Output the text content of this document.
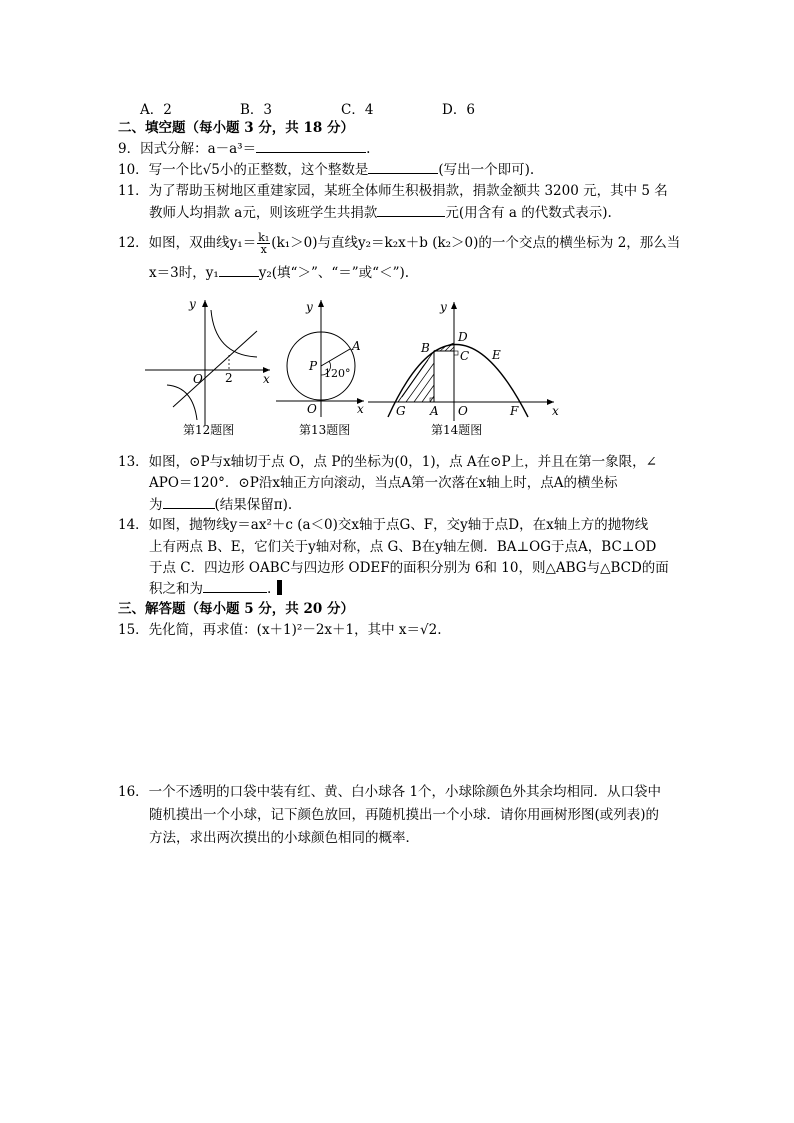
A．2	B．3	C．4	D．6
二、填空题（每小题 3 分，共 18 分）
9．因式分解：a－a³＝	.
10．写一个比√5小的正整数，这个整数是	(写出一个即可).
11．为了帮助玉树地区重建家园，某班全体师生积极捐款，捐款金额共 3200 元，其中 5 名
教师人均捐款 a元，则该班学生共捐款	元(用含有 a 的代数式表示).
12．如图，双曲线$y_1= \frac{\text{k₁}}{x} (k_1>0)$与直线y₂＝k₂x＋b (k₂＞0)的一个交点的横坐标为 2，那么当
x＝3时，y₁	y₂(填“＞”、“＝”或“＜”).
y
x
O 2
第12题图
y
x
O
P
A
120°
第13题图
y
x
O
D
B
C E
G A	F
第14题图
13．如图，⊙P与x轴切于点 O，点 P的坐标为(0，1)，点 A在⊙P上，并且在第一象限，∠
APO＝120°．⊙P沿x轴正方向滚动，当点A第一次落在x轴上时，点A的横坐标
为	(结果保留π).
14．如图，抛物线y＝ax²＋c (a＜0)交x轴于点G、F，交y轴于点D，在x轴上方的抛物线
上有两点 B、E，它们关于y轴对称，点 G、B在y轴左侧．BA⊥OG于点A，BC⊥OD
于点 C．四边形 OABC与四边形 ODEF的面积分别为 6和 10，则△ABG与△BCD的面
积之和为	.
三、解答题（每小题 5 分，共 20 分）
15．先化简，再求值：(x＋1)²－2x＋1，其中 x＝√2.
16．一个不透明的口袋中装有红、黄、白小球各 1个，小球除颜色外其余均相同．从口袋中
随机摸出一个小球，记下颜色放回，再随机摸出一个小球．请你用画树形图(或列表)的
方法，求出两次摸出的小球颜色相同的概率．
